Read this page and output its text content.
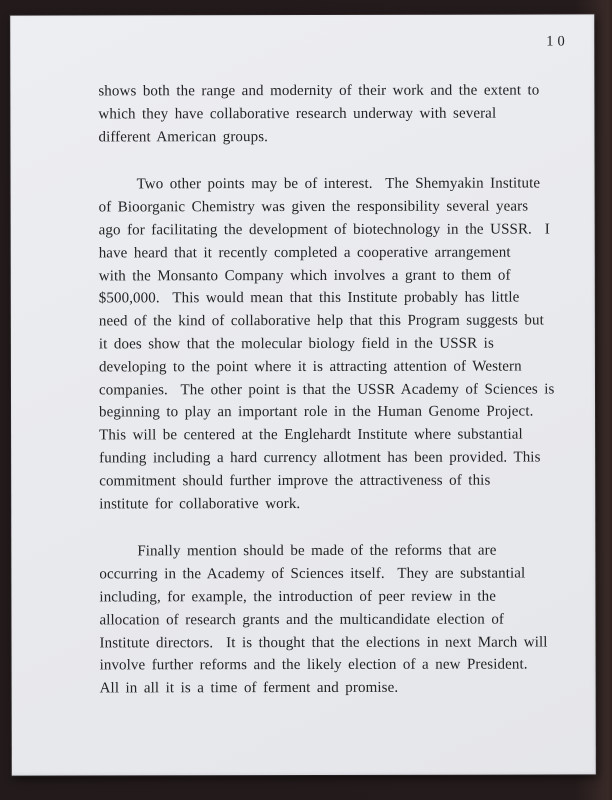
10
shows both the range and modernity of their work and the extent to
which they have collaborative research underway with several
different American groups.
Two other points may be of interest.  The Shemyakin Institute
of Bioorganic Chemistry was given the responsibility several years
ago for facilitating the development of biotechnology in the USSR.  I
have heard that it recently completed a cooperative arrangement
with the Monsanto Company which involves a grant to them of
$500,000.  This would mean that this Institute probably has little
need of the kind of collaborative help that this Program suggests but
it does show that the molecular biology field in the USSR is
developing to the point where it is attracting attention of Western
companies.  The other point is that the USSR Academy of Sciences is
beginning to play an important role in the Human Genome Project.
This will be centered at the Englehardt Institute where substantial
funding including a hard currency allotment has been provided. This
commitment should further improve the attractiveness of this
institute for collaborative work.
Finally mention should be made of the reforms that are
occurring in the Academy of Sciences itself.  They are substantial
including, for example, the introduction of peer review in the
allocation of research grants and the multicandidate election of
Institute directors.  It is thought that the elections in next March will
involve further reforms and the likely election of a new President.
All in all it is a time of ferment and promise.
